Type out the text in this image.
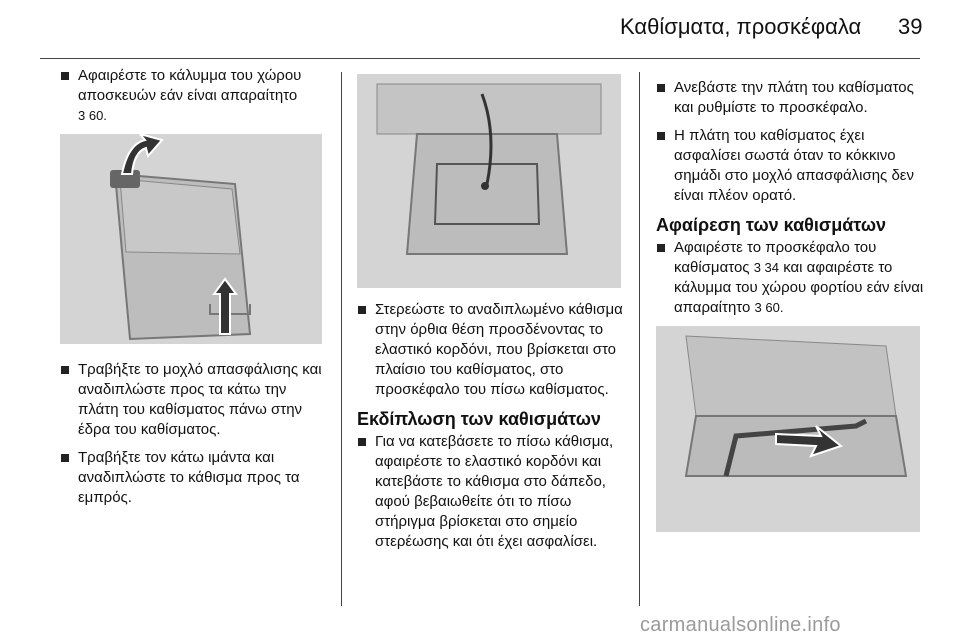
Καθίσματα, προσκέφαλα 39
Αφαιρέστε το κάλυμμα του χώρου αποσκευών εάν είναι απαραίτητο
3 60.
Τραβήξτε το μοχλό απασφάλισης και αναδιπλώστε προς τα κάτω την πλάτη του καθίσματος πάνω στην έδρα του καθίσματος.
Τραβήξτε τον κάτω ιμάντα και αναδιπλώστε το κάθισμα προς τα εμπρός.
Στερεώστε το αναδιπλωμένο κάθισμα στην όρθια θέση προσδένοντας το ελαστικό κορδόνι, που βρίσκεται στο πλαίσιο του καθίσματος, στο προσκέφαλο του πίσω καθίσματος.
Εκδίπλωση των καθισμάτων
Για να κατεβάσετε το πίσω κάθισμα, αφαιρέστε το ελαστικό κορδόνι και κατεβάστε το κάθισμα στο δάπεδο, αφού βεβαιωθείτε ότι το πίσω στήριγμα βρίσκεται στο σημείο στερέωσης και ότι έχει ασφαλίσει.
Ανεβάστε την πλάτη του καθίσματος και ρυθμίστε το προσκέφαλο.
Η πλάτη του καθίσματος έχει ασφαλίσει σωστά όταν το κόκκινο σημάδι στο μοχλό απασφάλισης δεν είναι πλέον ορατό.
Αφαίρεση των καθισμάτων
Αφαιρέστε το προσκέφαλο του καθίσματος 3 34 και αφαιρέστε το κάλυμμα του χώρου φορτίου εάν είναι απαραίτητο 3 60.
carmanualsonline.info
